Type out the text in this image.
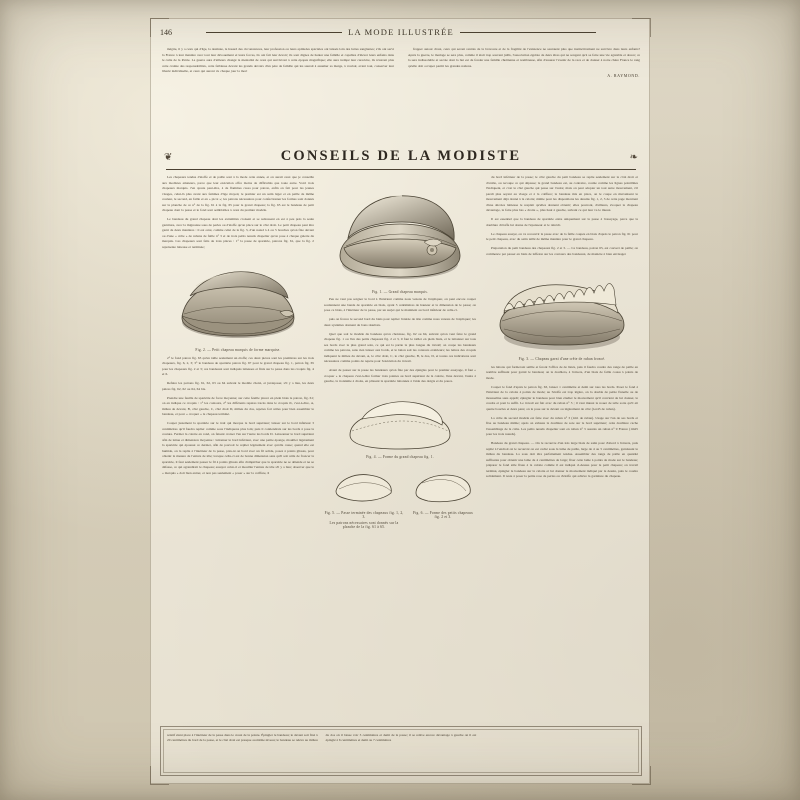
146	LA MODE ILLUSTRÉE

mégrie, il y a ceux qui d'âge, la destinée, le hasard des circonstances, leur profession ou leurs aptitudes spéciales ont laissés loin des luttes sanglantes; s'ils ont servi la France à leur manière avec tout leur dévouement et leurs forces, ils ont fait leur devoir; ils sont dignes de hanter une famille et capables d'élever leurs enfants dans le culte de la Patrie. La guerre aura d'ailleurs changé la mentalité de ceux qui survivront à cette épopée magnifique; elle aura trempé leur caractère, ils n'auront plus cette crainte des responsabilités, cette faiblesse devant les grands devoirs d'un père de famille qui les saurait à assumer sa marge, à vouloir, avant tout, conserver leur liberté individuelle, et ceux qui auront vu chaque jour la mort

frapper autour d'eux, ceux qui seront rentrés de la bravoure et de la fragilité de l'existence ne sauraient plus que instinctivement ne survivre dans leurs enfants? Après la guerre, le mariage se sera plus, comme il était trop souvent juills, l'association égoïste de deux êtres qui ne songent qu'à se faire une vie agréable et douce; ce la sera indissoluble et sacrée dont la but est de fonder une famille chrétienne et nombreuse, afin d'assurer l'avenir de la race et de donner à notre chère France le rang qu'elle doit occuper parmi les grandes nations.

A. RAYMOND.
❦	❧
CONSEILS DE LA MODISTE

Les chapeaux tendus d'étoffe et de paille sont à la mode cette année, et on aurait ceux que je conseille aux modistes amateurs, parce que leur exécution offre moins de difficultés que toute autre. Voici trois chapeaux marquis. J'en ajoute peut-être, à de flammes cassa pour patron, enfin on fait pour les jeunes visages, celui-là plus avant aux femmes d'âge moyen; le premier est un satin léger et en paille de même couleur, le second, en faille et en » picot »; les patrons nécessaires pour confectionner les formes sont donnés sur la planche de ce n° de la fig. 61 à la fig. 65 pour le grand chapeau; la fig. 65 est le bandeau de petit chapeau dont la passe et le fond sont semblables à ceux du premier modèle.

Le bandeau du grand chapeau dont les extrémités croisent et se redressent en est à peu près la seule garniture, avec la mignonne sous de perles ou d'étoffe qu'on place sur le côté droit. Le petit chapeau peut être garni de deux manières : il est orné, comme celui de la fig. 3, d'un nœud à 4 ou 5 bouches qu'on fixe devant ou d'une « crête » de rubans de faille n° 3 et de trois petits nœuds chapelier qu'on pose à chaque galerie du marquis. Ces chapeaux sont faits de trois pièces : 1° la passe de spartérie, patrons fig. 61, que la fig. 2 représente laiteuse et terminée;

Fig. 2. — Petit chapeau marquis de forme marquise.

2° le fond patron fig. 63 qu'un taille seulement un étoffe; ces deux pièces sont les premières sur les trois chapeaux, fig. 6, 2, 3; 3° le bandeau de spartérie patron fig. 67 pour le grand chapeau fig. 1, patron fig. 65 pour les chapeaux fig. 2 et 3; ces bandeaux sont indiqués laiteuses et finis sur la passe dans les croquis fig. 4 et 6.

Refaire les patrons fig. 61, 62, 63 ou 64 suivant le modèle choisi, et juxtaposer, s'il y a lieu, les deux pièces fig. 62, 62 ou 64, 64 bis.

Prendre une feuille de spartérie de force moyenne; sur cette feuille placer en plein biais le patron, fig. 61; on en indique ce croquis : 1° les contours, 2° les différents repères tracés dans le croquis tb, c'est-à-dire, A, milieu de devant, B, côté gauche, C, côté droit D, milieu du dos, repères fort utiles pour bien assembler le bandeau, et pour « croquer » le chapeau terminé.

Couper justement la spartérie sur le trait qui morque le bord supérieur; laisser sur le bord inférieur 3 centimètres qu'il faudra replier comme sous l'indiquons plus loin; puis il contiendrais sur les bords à pose la couture. Fermer la calotte en rond, on faisant croiser l'un sur l'autre les bords D. Laissonner le bord supérieur afin de laitue et dimension moyenne : laitonner le bord inférieur, avec une petite éponge, mouiller légèrement la spartérie qui époussé ce dernier, afin de pouvoir le replier légèrement avec qu'elle casse; quand elle est humide, on la replie à l'intérieur de la passe, près-ni on bord avec un fil solide, posez à points glissés, pour obtenir la mesure de l'entrée de tête; lorsque cella-ci est de bonne dimension sans qu'il soit utile de froncer la spartérie, il faut seulement passer le fil à points glissés afin d'empêcher que la spartérie ne se détende et ne se défasse, ce qui agrandirait le chapeau; essuyer celui-ci et mouiller l'entrée de tête s'il y a lieu; observer que le « marquis » doit bien entrer, et non pas seulement « poser » sur la coiffure, il

Fig. 1. — Grand chapeau marquis.

Peu ne veut pas soigner le bord à l'intérieur comme nous venons de l'expliquer, on peut encore couper soutiennent une bande de spartérie en biais, ayant 3 centimètres de hauteur et la dimension de le passe; on pose ce biais, à l'intérieur de la passe, par un surjet qui le maintient au bord inférieur de celle-ci.

puis on fronce le second bord du biais pour replier l'entrée de tête comme nous venons de l'expliquer; les deux systèmes donnent de bons résultats.

Quel que soit le modèle du bandeau qu'on choisisse, fig. 62 ou 64, suivant qu'on veut faire le grand chapeau fig. 1 ou l'un des petits chapeaux fig. 2 et 3, il faut le tailler en plein biais, et le laitonner sur tous ses bords avec le plus grand soin, ce qui est la partie la plus longue du travail; on coupe les bandeaux comme les patrons, sans rien laisser aux bords, et le laiton sait les contours extérieurs; les lettres des croquis indiquent le milieu du devant, A, le côté droit, C, le côté gauche, B, le dos, D, et toutes ces indications sont nécessaires comme points de repère pour l'exécution du travail.

Avant de passer sur la passe les bandeaux qu'on fixe par des épingles pour le premier essayage, il faut « croquer » le chapeau c'est-à-dire former trois pointes au bord supérieur de la calotte, l'une devant, l'autre à gauche, la troisième à droite, en plissant la spartérie laitonnée à l'aide des doigts et du pouce.

Fig. 4. — Forme du grand chapeau fig. 1.
Fig. 5. — Passe terminée des chapeaux fig. 1, 2, 3.
Les patrons nécessaires sont donnés sur la planche de la fig. 61 à 65.
Fig. 6. — Forme des petits chapeaux fig. 2 et 3.

du bord inférieur de la passe; le côté gauche du petit bandeau se replie seulement sur le côté droit et d'arrête, ou recoupe ce qui dépasse; le grand bandeau est, au contraire, coulée comme les lignes pointillées l'indiquent, et c'est le côté gauche qui passe sur l'autre; mais on peut adopter un tout autre mouvement, s'il paraît plus seyant au visage et à la coiffure; le bandeau mis en place, on le coupe en mécanisant le mouvement déjà donné à la calotte; même pour les dispositions les dessins fig. 1, 2, 3 de cette page montrent d'une décoles laitieuse le resplait qu'elles donnent obtenir; elles pourront, d'ailleurs, évoquer le chapeau davantage, le faire plus bas « droite », plus haut à gauche, suivant ce qui leur va le mieux.

Il est essentiel que la bandeau de spartérie entre uniquement sur la passe à l'essayage, parce que la doublure d'étoffe lui donne de l'épaisseur et le rétrécit.

Le chapeau essayé, on va recouvrir la passe avec de la faille coupée en biais d'après le patron fig. 61 pour le petit chapeau, avec du satin taillé de même manière pour le grand chapeau.

Préparation du petit bandeau des chapeaux fig. 2 et 3. — Ce bandeau, patron 65, est couvert de paille; on commence par passer en biais de laffeton sur les contours des bandeaux, de manière à bien envisager

Fig. 3. — Chapeau garni d'une crête de ruban froncé.

les laitons qui formeront saillie et feront l'office de de listés, puis il faudra coudre des range de paille en nombre suffisant pour garnir le bandeau; on le doublera, à l'envers, d'un biais de faille cousu à points de mode.

Couper le fond d'après le patron fig. 63, laisser 1 centimètre et demi sur tous les bords. Poser le fond à l'intérieur de la calotte à points de mode; au l'étoffe est trop légère, on la double de petite flanelle ou de mousseline sans apprêt; épingler le bandeau pour bien étudier le mouvement qu'il convient de lui donner, le coudre et pont la suffit. Le travail est fait avec du ruban n° 3 ; il vaut mieux le nouer de telle sorte qu'il ait quatre boucles et deux pans; on le pose sur le devant ou légèrement de côté (1er45 de ruban).

La crête du second modèle est faite avec du ruban n° 3 (1m1 de ruban). Usage sur l'un de ses bords et fixe au bandeau même; après on exhaste la doublure de soie sur le bord supérieur; cette doublure cache l'assemblage de la crête. Les petits nœuds chapelier sont en ruban n° 3 assurés un ruban n° 9 France (1m25 pour les trois nœuds).

Bandeau du grand chapeau. — On le recouvre d'un très large biais de satin posé d'abord à l'envers, puis replié à l'endroit où le recouvré on est caché sous la lame de paille, large de 4 ou 5 centimètres, garnissant le milieu du bandeau. La sous doit être parfaitement tendue. Assembler des rangs de paille en quantité suffisante pour obtenir une lame de 4 centimètres de large; fixer cette lame à points de mode sur le bandeau; préparer le fond stile fixée à la calotte comme il est indiqué ci-dessus pour le petit chapeau; on travail terminé, épingler le bandeau sur la calotte et lui donner le mouvement indiqué par le dessin, puis le coudre solidement. Il reste à poser la petite rose de perles ou d'étoffe qui achève la garniture du chapeau.

relatif étant place à l'intérieur de la passe dans le creux de la pointe. Épingler le bandeau; le devant soit fixé à 20 centimètres du bord de la passe, et le côté droit est presque au même niveau; le bandeau se relève au milieu du dos où il laisse voir 3 centimètres et demi de la passe; il se relève encore davantage à gauche où il est épinglé à 6 centimètres et demi ou 7 centimètres
